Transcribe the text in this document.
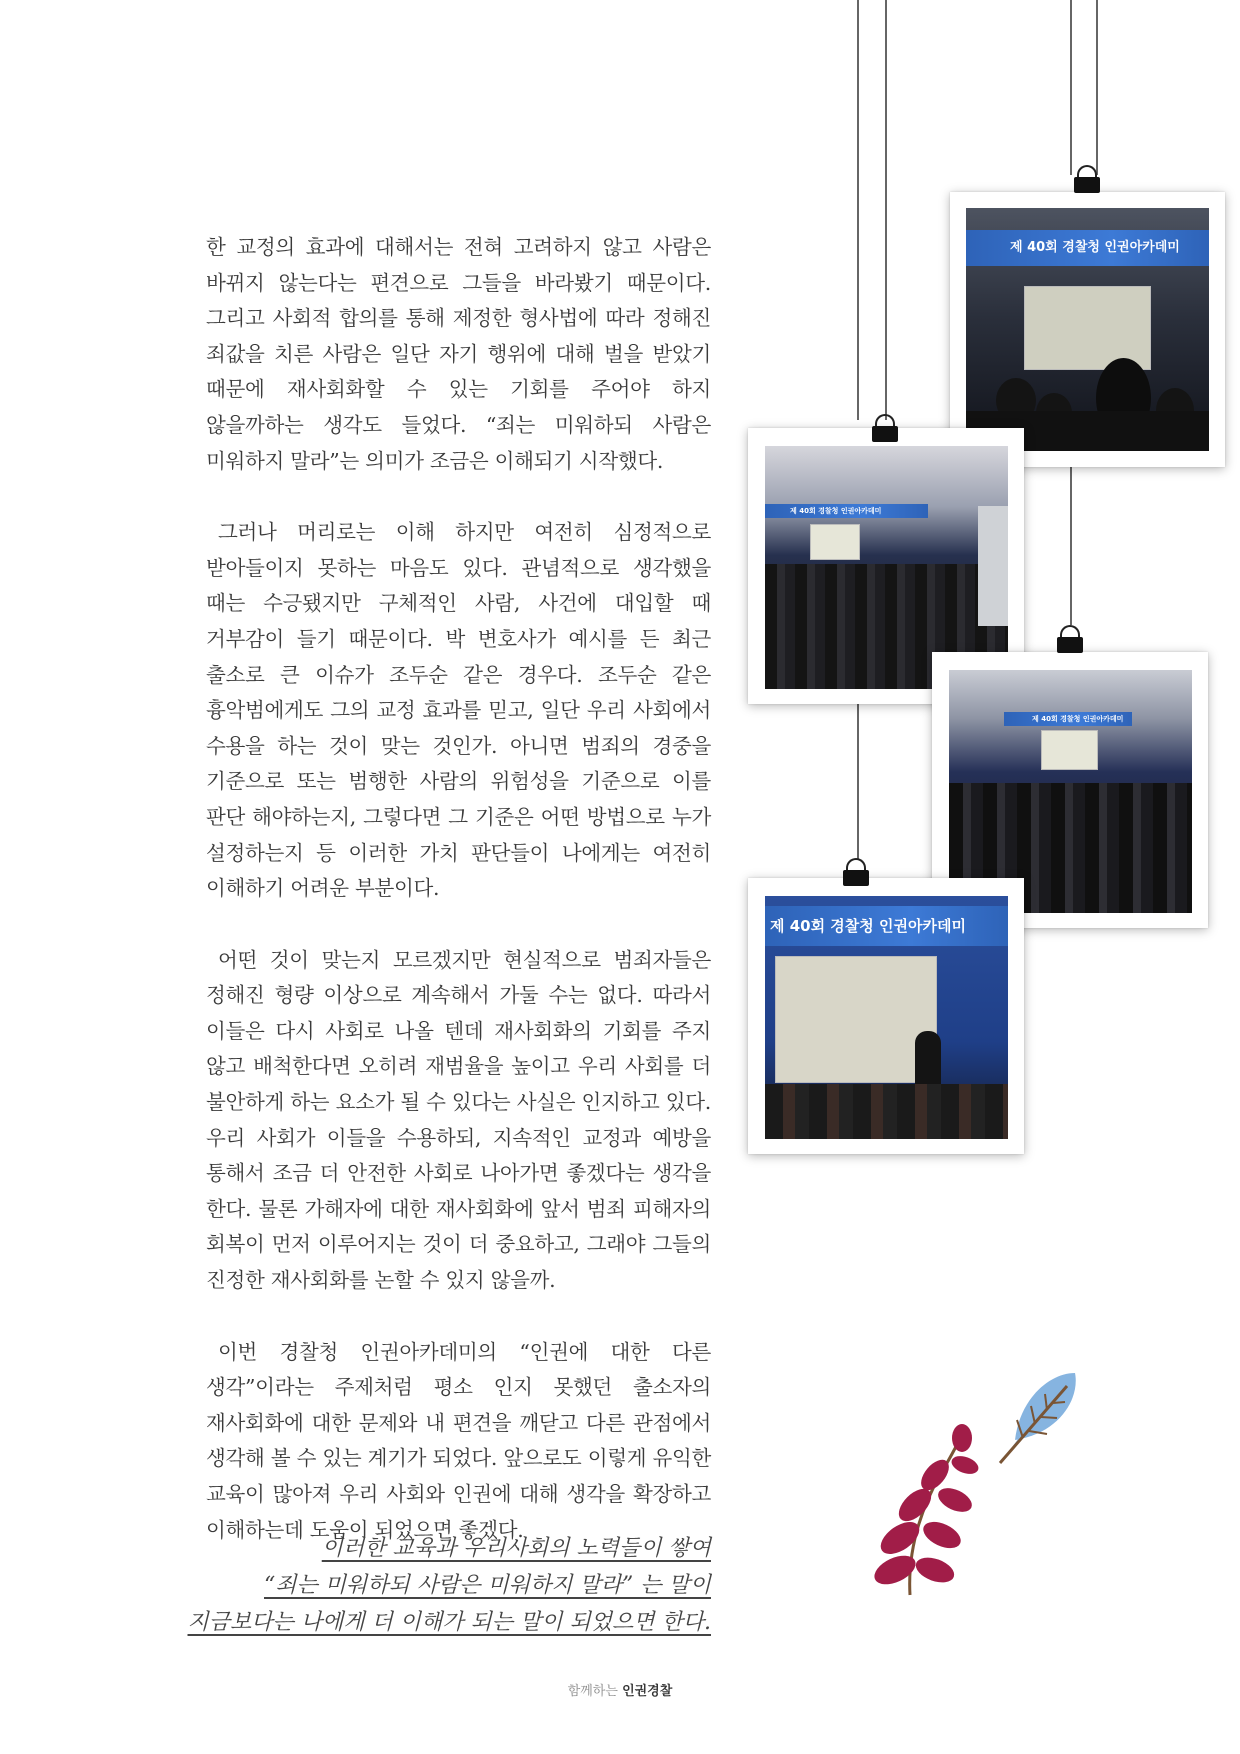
한 교정의 효과에 대해서는 전혀 고려하지 않고 사람은 바뀌지 않는다는 편견으로 그들을 바라봤기 때문이다. 그리고 사회적 합의를 통해 제정한 형사법에 따라 정해진 죄값을 치른 사람은 일단 자기 행위에 대해 벌을 받았기 때문에 재사회화할 수 있는 기회를 주어야 하지 않을까하는 생각도 들었다. “죄는 미워하되 사람은 미워하지 말라”는 의미가 조금은 이해되기 시작했다.

그러나 머리로는 이해 하지만 여전히 심정적으로 받아들이지 못하는 마음도 있다. 관념적으로 생각했을 때는 수긍됐지만 구체적인 사람, 사건에 대입할 때 거부감이 들기 때문이다. 박 변호사가 예시를 든 최근 출소로 큰 이슈가 조두순 같은 경우다. 조두순 같은 흉악범에게도 그의 교정 효과를 믿고, 일단 우리 사회에서 수용을 하는 것이 맞는 것인가. 아니면 범죄의 경중을 기준으로 또는 범행한 사람의 위험성을 기준으로 이를 판단 해야하는지, 그렇다면 그 기준은 어떤 방법으로 누가 설정하는지 등 이러한 가치 판단들이 나에게는 여전히 이해하기 어려운 부분이다.

어떤 것이 맞는지 모르겠지만 현실적으로 범죄자들은 정해진 형량 이상으로 계속해서 가둘 수는 없다. 따라서 이들은 다시 사회로 나올 텐데 재사회화의 기회를 주지 않고 배척한다면 오히려 재범율을 높이고 우리 사회를 더 불안하게 하는 요소가 될 수 있다는 사실은 인지하고 있다. 우리 사회가 이들을 수용하되, 지속적인 교정과 예방을 통해서 조금 더 안전한 사회로 나아가면 좋겠다는 생각을 한다. 물론 가해자에 대한 재사회화에 앞서 범죄 피해자의 회복이 먼저 이루어지는 것이 더 중요하고, 그래야 그들의 진정한 재사회화를 논할 수 있지 않을까.

이번 경찰청 인권아카데미의 “인권에 대한 다른 생각”이라는 주제처럼 평소 인지 못했던 출소자의 재사회화에 대한 문제와 내 편견을 깨닫고 다른 관점에서 생각해 볼 수 있는 계기가 되었다. 앞으로도 이렇게 유익한 교육이 많아져 우리 사회와 인권에 대해 생각을 확장하고 이해하는데 도움이 되었으면 좋겠다.

이러한 교육과 우리사회의 노력들이 쌓여
“죄는 미워하되 사람은 미워하지 말라” 는 말이
지금보다는 나에게 더 이해가 되는 말이 되었으면 한다.
제 40회 경찰청 인권아카데미
제 40회 경찰청 인권아카데미
제 40회 경찰청 인권아카데미
제 40회 경찰청 인권아카데미
함께하는 인권경찰
